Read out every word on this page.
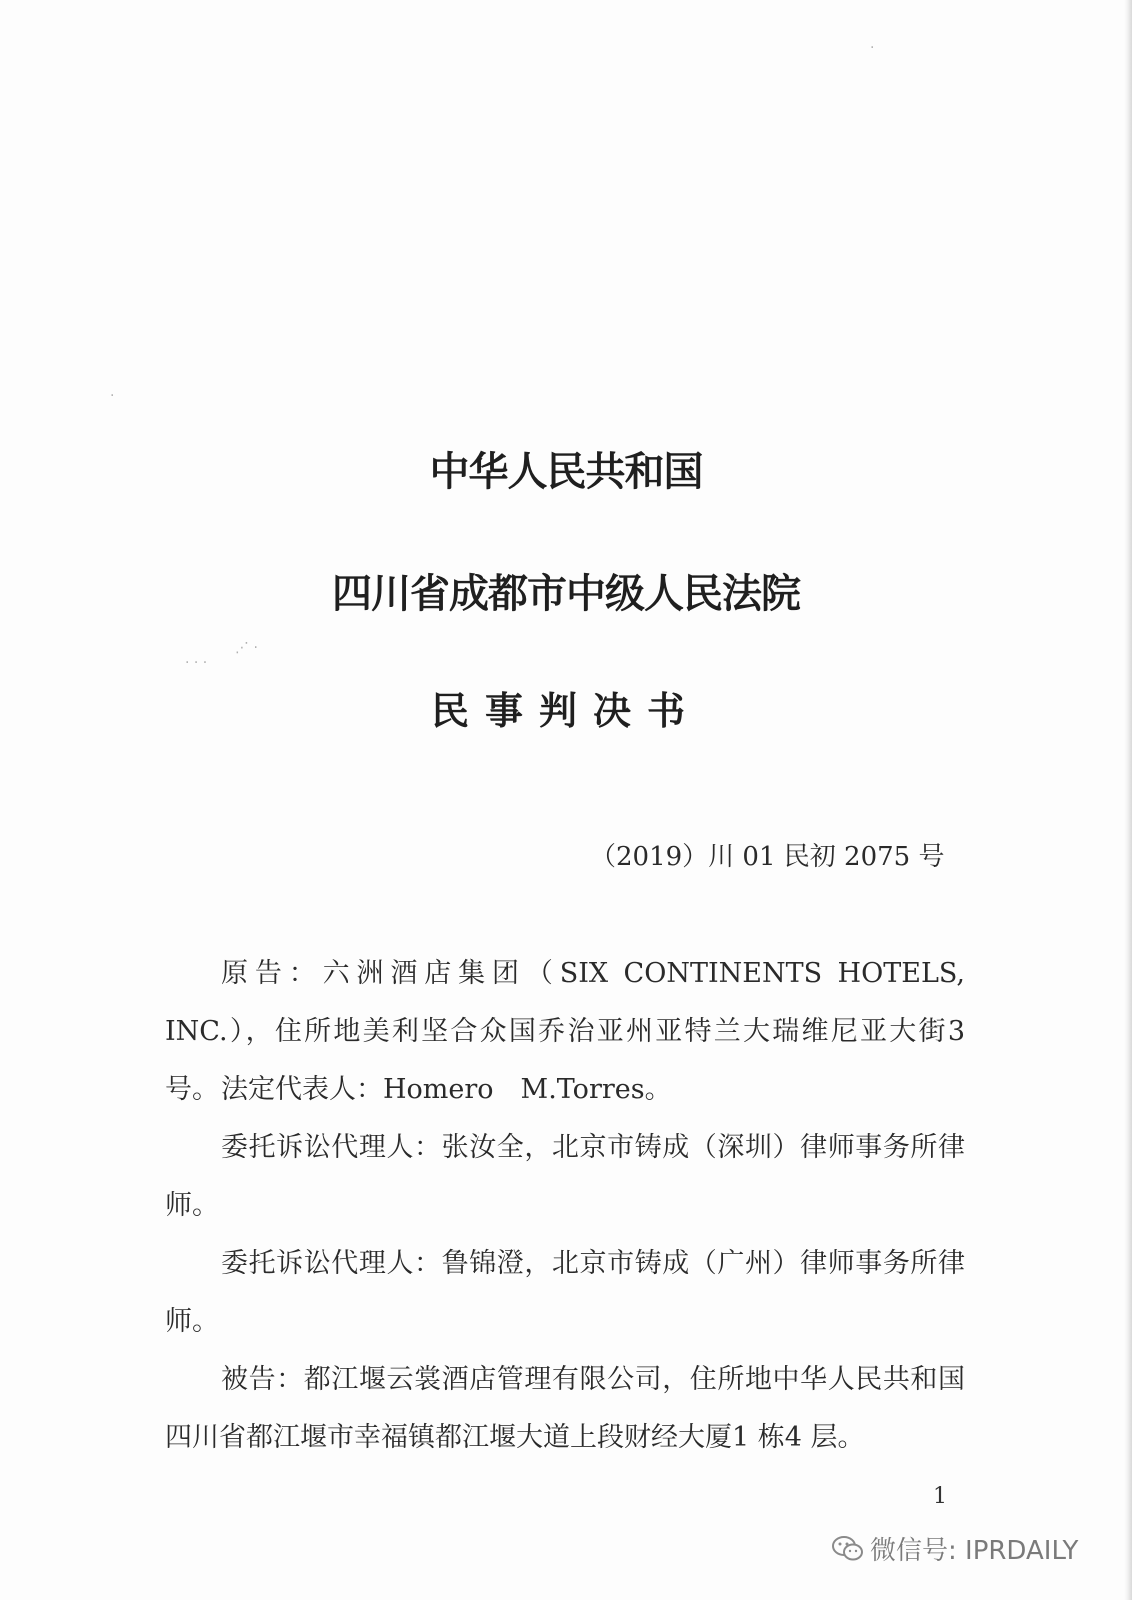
·
·
· · ·
⋰ ·
中华人民共和国
四川省成都市中级人民法院
民事判决书
（2019）川 01 民初 2075 号

原告：六洲酒店集团（SIX CONTINENTS HOTELS, INC.），住所地美利坚合众国乔治亚州亚特兰大瑞维尼亚大街3 号。 法定代表人：Homero　M.Torres。

委托诉讼代理人：张汝全，北京市铸成（深圳）律师事务所律师。

委托诉讼代理人：鲁锦澄，北京市铸成（广州）律师事务所律师。

被告：都江堰云裳酒店管理有限公司，住所地中华人民共和国四川省都江堰市幸福镇都江堰大道上段财经大厦1 栋4 层。

1
微信号: IPRDAILY
